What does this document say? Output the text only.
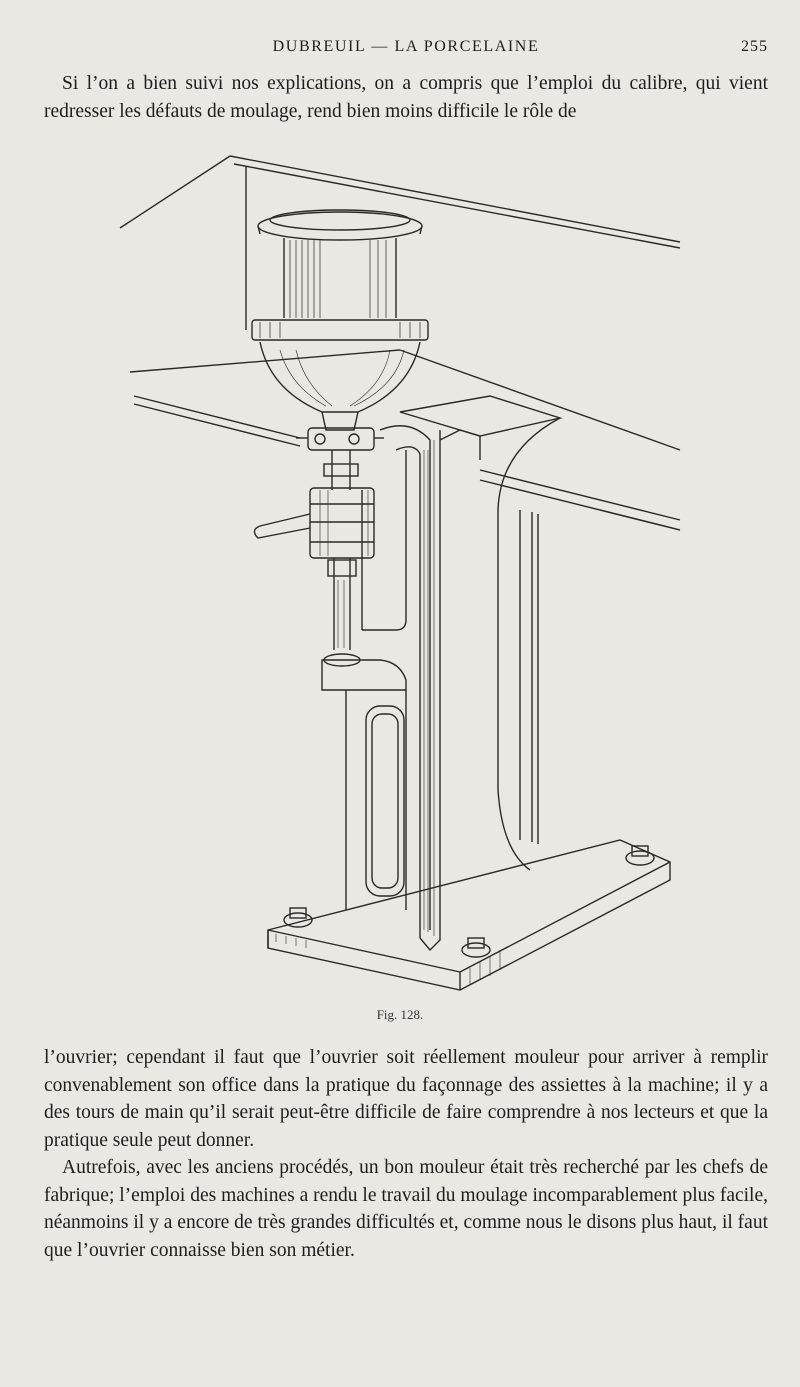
DUBREUIL — LA PORCELAINE	255

Si l’on a bien suivi nos explications, on a compris que l’emploi du calibre, qui vient redresser les défauts de moulage, rend bien moins difficile le rôle de

Fig. 128.

l’ouvrier; cependant il faut que l’ouvrier soit réellement mouleur pour arriver à remplir convenablement son office dans la pratique du façonnage des assiettes à la machine; il y a des tours de main qu’il serait peut-être difficile de faire comprendre à nos lecteurs et que la pratique seule peut donner.

Autrefois, avec les anciens procédés, un bon mouleur était très recherché par les chefs de fabrique; l’emploi des machines a rendu le travail du moulage incomparablement plus facile, néanmoins il y a encore de très grandes difficultés et, comme nous le disons plus haut, il faut que l’ouvrier connaisse bien son métier.
